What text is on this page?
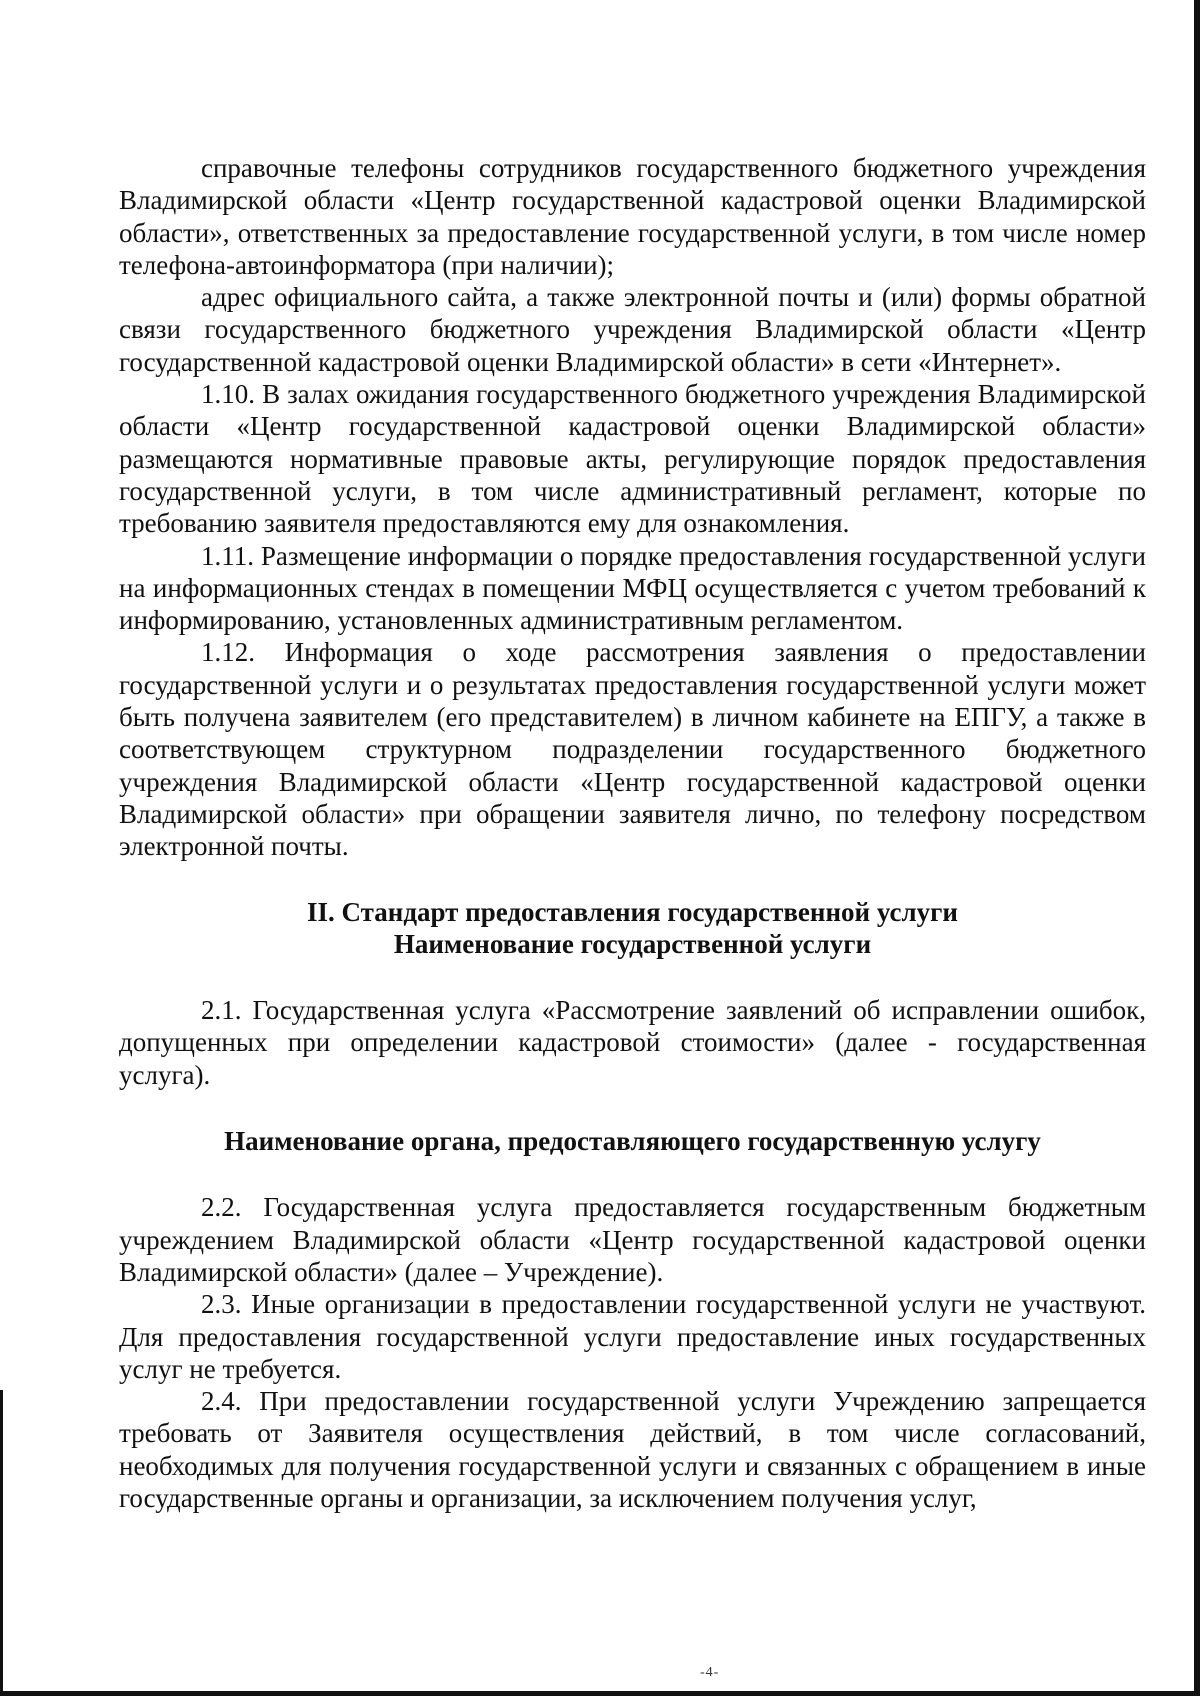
справочные телефоны сотрудников государственного бюджетного учреждения Владимирской области «Центр государственной кадастровой оценки Владимирской области», ответственных за предоставление государственной услуги, в том числе номер телефона-автоинформатора (при наличии);

адрес официального сайта, а также электронной почты и (или) формы обратной связи государственного бюджетного учреждения Владимирской области «Центр государственной кадастровой оценки Владимирской области» в сети «Интернет».

1.10. В залах ожидания государственного бюджетного учреждения Владимирской области «Центр государственной кадастровой оценки Владимирской области» размещаются нормативные правовые акты, регулирующие порядок предоставления государственной услуги, в том числе административный регламент, которые по требованию заявителя предоставляются ему для ознакомления.

1.11. Размещение информации о порядке предоставления государственной услуги на информационных стендах в помещении МФЦ осуществляется с учетом требований к информированию, установленных административным регламентом.

1.12. Информация о ходе рассмотрения заявления о предоставлении государственной услуги и о результатах предоставления государственной услуги может быть получена заявителем (его представителем) в личном кабинете на ЕПГУ, а также в соответствующем структурном подразделении государственного бюджетного учреждения Владимирской области «Центр государственной кадастровой оценки Владимирской области» при обращении заявителя лично, по телефону посредством электронной почты.

II. Стандарт предоставления государственной услуги
Наименование государственной услуги

2.1. Государственная услуга «Рассмотрение заявлений об исправлении ошибок, допущенных при определении кадастровой стоимости» (далее - государственная услуга).

Наименование органа, предоставляющего государственную услугу

2.2. Государственная услуга предоставляется государственным бюджетным учреждением Владимирской области «Центр государственной кадастровой оценки Владимирской области» (далее – Учреждение).

2.3. Иные организации в предоставлении государственной услуги не участвуют. Для предоставления государственной услуги предоставление иных государственных услуг не требуется.

2.4. При предоставлении государственной услуги Учреждению запрещается требовать от Заявителя осуществления действий, в том числе согласований, необходимых для получения государственной услуги и связанных с обращением в иные государственные органы и организации, за исключением получения услуг,

-4-
